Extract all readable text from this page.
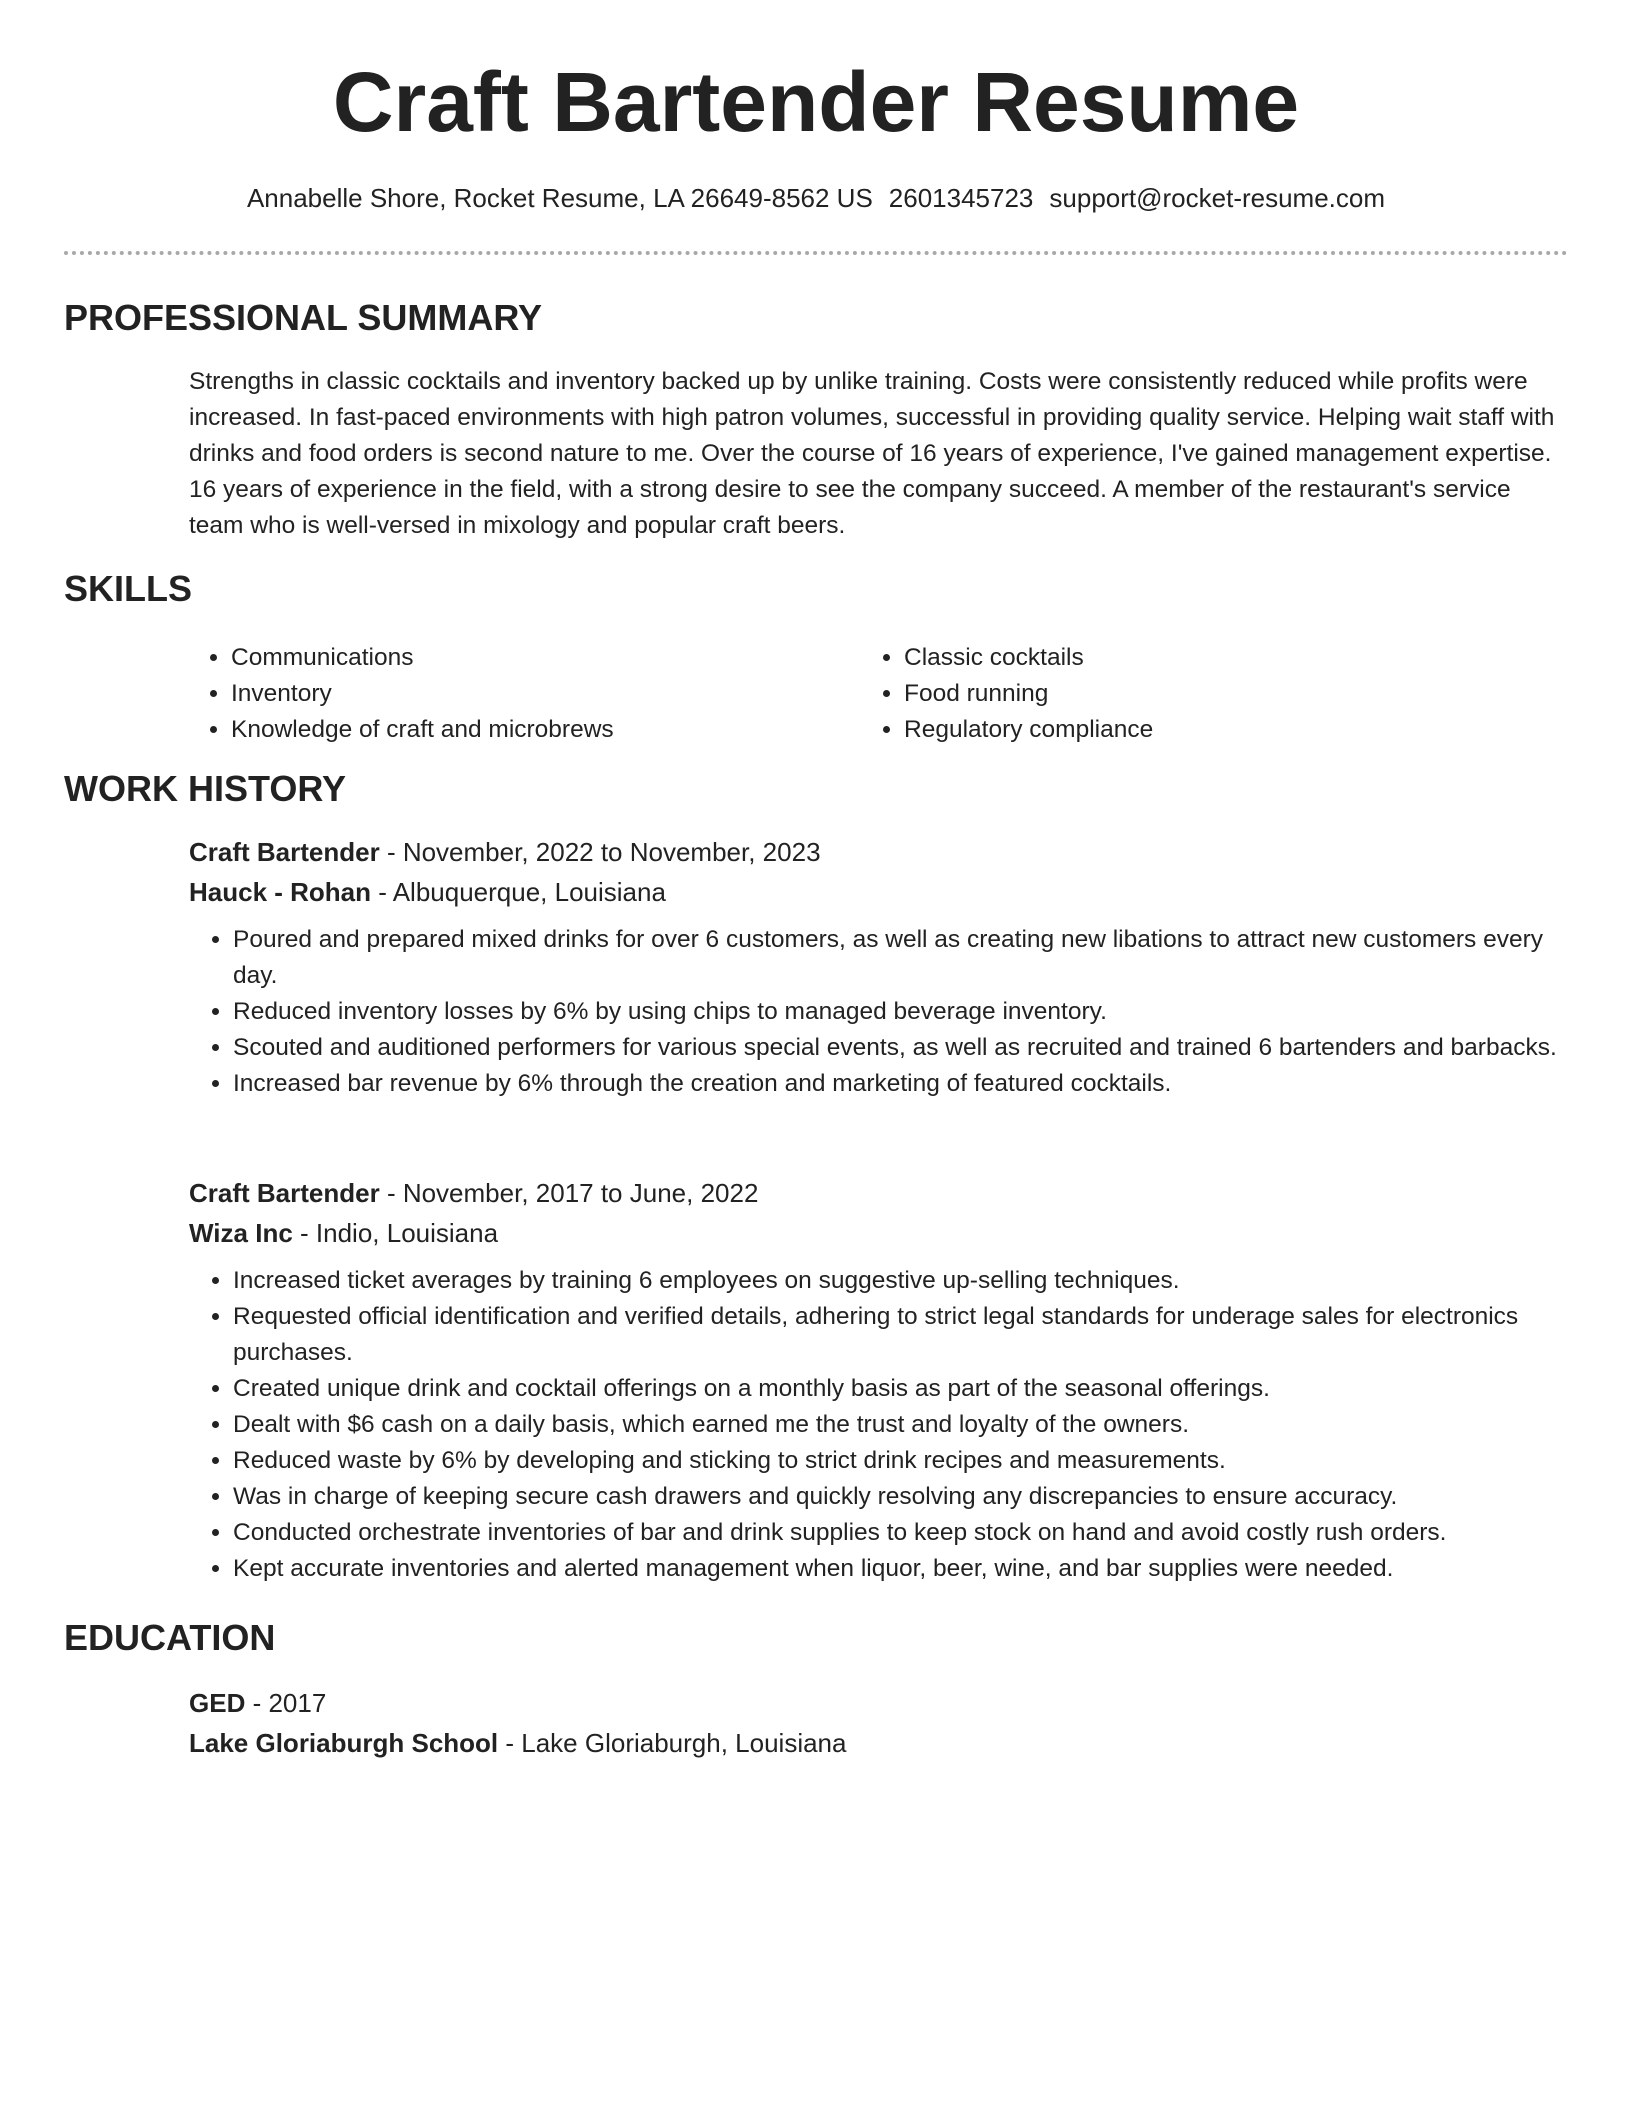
Craft Bartender Resume
Annabelle Shore, Rocket Resume, LA 26649-8562 US 2601345723 support@rocket-resume.com
PROFESSIONAL SUMMARY

Strengths in classic cocktails and inventory backed up by unlike training. Costs were consistently reduced while profits were increased. In fast-paced environments with high patron volumes, successful in providing quality service. Helping wait staff with drinks and food orders is second nature to me. Over the course of 16 years of experience, I've gained management expertise. 16 years of experience in the field, with a strong desire to see the company succeed. A member of the restaurant's service team who is well-versed in mixology and popular craft beers.

SKILLS
• Communications
• Inventory
• Knowledge of craft and microbrews
• Classic cocktails
• Food running
• Regulatory compliance
WORK HISTORY

Craft Bartender - November, 2022 to November, 2023

Hauck - Rohan - Albuquerque, Louisiana

• Poured and prepared mixed drinks for over 6 customers, as well as creating new libations to attract new customers every day.
• Reduced inventory losses by 6% by using chips to managed beverage inventory.
• Scouted and auditioned performers for various special events, as well as recruited and trained 6 bartenders and barbacks.
• Increased bar revenue by 6% through the creation and marketing of featured cocktails.

Craft Bartender - November, 2017 to June, 2022

Wiza Inc - Indio, Louisiana

• Increased ticket averages by training 6 employees on suggestive up-selling techniques.
• Requested official identification and verified details, adhering to strict legal standards for underage sales for electronics purchases.
• Created unique drink and cocktail offerings on a monthly basis as part of the seasonal offerings.
• Dealt with $6 cash on a daily basis, which earned me the trust and loyalty of the owners.
• Reduced waste by 6% by developing and sticking to strict drink recipes and measurements.
• Was in charge of keeping secure cash drawers and quickly resolving any discrepancies to ensure accuracy.
• Conducted orchestrate inventories of bar and drink supplies to keep stock on hand and avoid costly rush orders.
• Kept accurate inventories and alerted management when liquor, beer, wine, and bar supplies were needed.
EDUCATION

GED - 2017

Lake Gloriaburgh School - Lake Gloriaburgh, Louisiana
